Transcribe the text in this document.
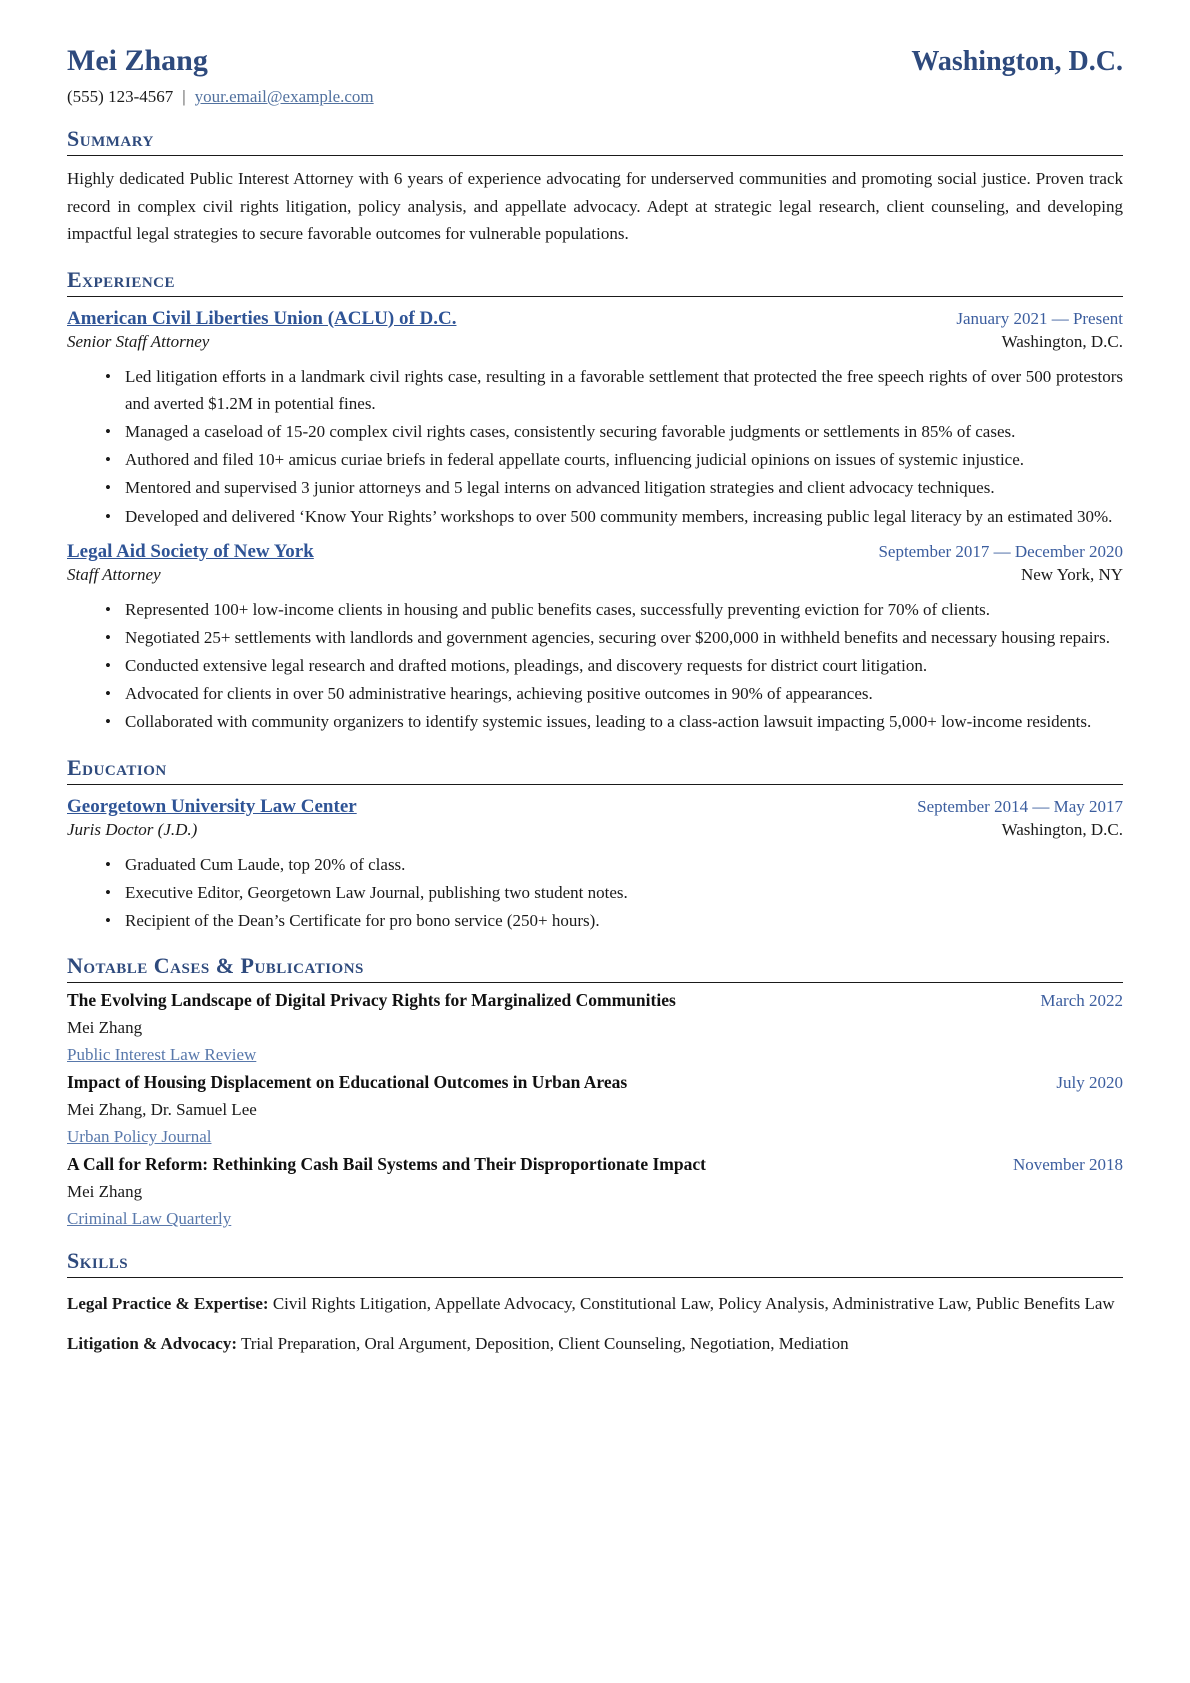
Mei Zhang	Washington, D.C.
(555) 123-4567 | your.email@example.com
Summary
Highly dedicated Public Interest Attorney with 6 years of experience advocating for underserved communities and promoting social justice. Proven track record in complex civil rights litigation, policy analysis, and appellate advocacy. Adept at strategic legal research, client counseling, and developing impactful legal strategies to secure favorable outcomes for vulnerable populations.
Experience
American Civil Liberties Union (ACLU) of D.C.	January 2021 — Present
Senior Staff Attorney	Washington, D.C.
• Led litigation efforts in a landmark civil rights case, resulting in a favorable settlement that protected the free speech rights of over 500 protestors and averted $1.2M in potential fines.
• Managed a caseload of 15-20 complex civil rights cases, consistently securing favorable judgments or settlements in 85% of cases.
• Authored and filed 10+ amicus curiae briefs in federal appellate courts, influencing judicial opinions on issues of systemic injustice.
• Mentored and supervised 3 junior attorneys and 5 legal interns on advanced litigation strategies and client advocacy techniques.
• Developed and delivered ‘Know Your Rights’ workshops to over 500 community members, increasing public legal literacy by an estimated 30%.
Legal Aid Society of New York	September 2017 — December 2020
Staff Attorney	New York, NY
• Represented 100+ low-income clients in housing and public benefits cases, successfully preventing eviction for 70% of clients.
• Negotiated 25+ settlements with landlords and government agencies, securing over $200,000 in withheld benefits and necessary housing repairs.
• Conducted extensive legal research and drafted motions, pleadings, and discovery requests for district court litigation.
• Advocated for clients in over 50 administrative hearings, achieving positive outcomes in 90% of appearances.
• Collaborated with community organizers to identify systemic issues, leading to a class-action lawsuit impacting 5,000+ low-income residents.
Education
Georgetown University Law Center	September 2014 — May 2017
Juris Doctor (J.D.)	Washington, D.C.
• Graduated Cum Laude, top 20% of class.
• Executive Editor, Georgetown Law Journal, publishing two student notes.
• Recipient of the Dean’s Certificate for pro bono service (250+ hours).
Notable Cases & Publications
The Evolving Landscape of Digital Privacy Rights for Marginalized Communities	March 2022
Mei Zhang
Public Interest Law Review
Impact of Housing Displacement on Educational Outcomes in Urban Areas	July 2020
Mei Zhang, Dr. Samuel Lee
Urban Policy Journal
A Call for Reform: Rethinking Cash Bail Systems and Their Disproportionate Impact	November 2018
Mei Zhang
Criminal Law Quarterly
Skills
Legal Practice & Expertise: Civil Rights Litigation, Appellate Advocacy, Constitutional Law, Policy Analysis, Administrative Law, Public Benefits Law
Litigation & Advocacy: Trial Preparation, Oral Argument, Deposition, Client Counseling, Negotiation, Mediation
